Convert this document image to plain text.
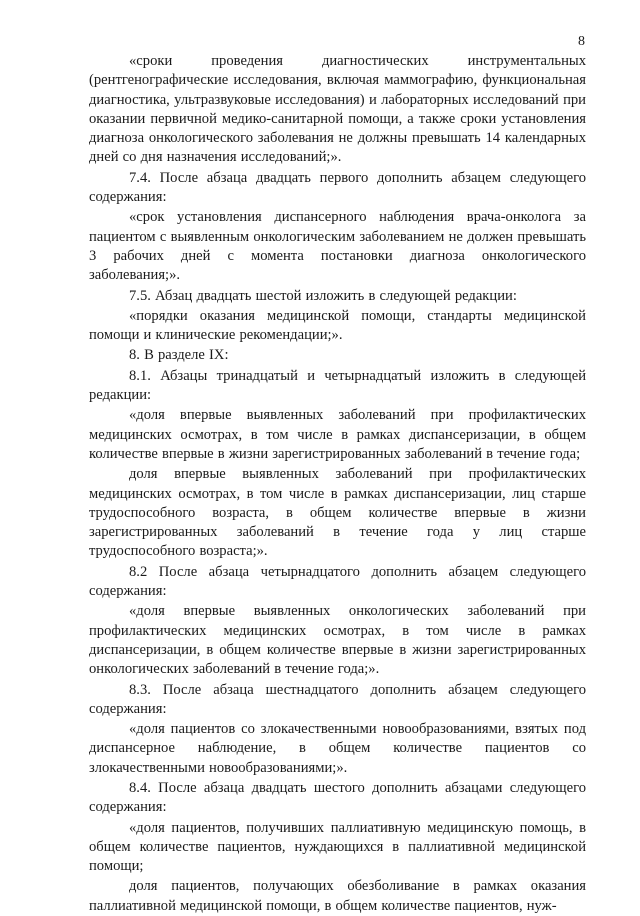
8

«сроки проведения диагностических инструментальных (рентгенографические исследования, включая маммографию, функциональная диагностика, ультразвуковые исследования) и лабораторных исследований при оказании первичной медико-санитарной помощи, а также сроки установления диагноза онкологического заболевания не должны превышать 14 календарных дней со дня назначения исследований;».

7.4. После абзаца двадцать первого дополнить абзацем следующего содержания:

«срок установления диспансерного наблюдения врача-онколога за пациентом с выявленным онкологическим заболеванием не должен превышать 3 рабочих дней с момента постановки диагноза онкологического заболевания;».

7.5. Абзац двадцать шестой изложить в следующей редакции:

«порядки оказания медицинской помощи, стандарты медицинской помощи и клинические рекомендации;».

8. В разделе IX:

8.1. Абзацы тринадцатый и четырнадцатый изложить в следующей редакции:

«доля впервые выявленных заболеваний при профилактических медицинских осмотрах, в том числе в рамках диспансеризации, в общем количестве впервые в жизни зарегистрированных заболеваний в течение года;

доля впервые выявленных заболеваний при профилактических медицинских осмотрах, в том числе в рамках диспансеризации, лиц старше трудоспособного возраста, в общем количестве впервые в жизни зарегистрированных заболеваний в течение года у лиц старше трудоспособного возраста;».

8.2 После абзаца четырнадцатого дополнить абзацем следующего содержания:

«доля впервые выявленных онкологических заболеваний при профилактических медицинских осмотрах, в том числе в рамках диспансеризации, в общем количестве впервые в жизни зарегистрированных онкологических заболеваний в течение года;».

8.3. После абзаца шестнадцатого дополнить абзацем следующего содержания:

«доля пациентов со злокачественными новообразованиями, взятых под диспансерное наблюдение, в общем количестве пациентов со злокачественными новообразованиями;».

8.4. После абзаца двадцать шестого дополнить абзацами следующего содержания:

«доля пациентов, получивших паллиативную медицинскую помощь, в общем количестве пациентов, нуждающихся в паллиативной медицинской помощи;

доля пациентов, получающих обезболивание в рамках оказания паллиативной медицинской помощи, в общем количестве пациентов, нуж-
